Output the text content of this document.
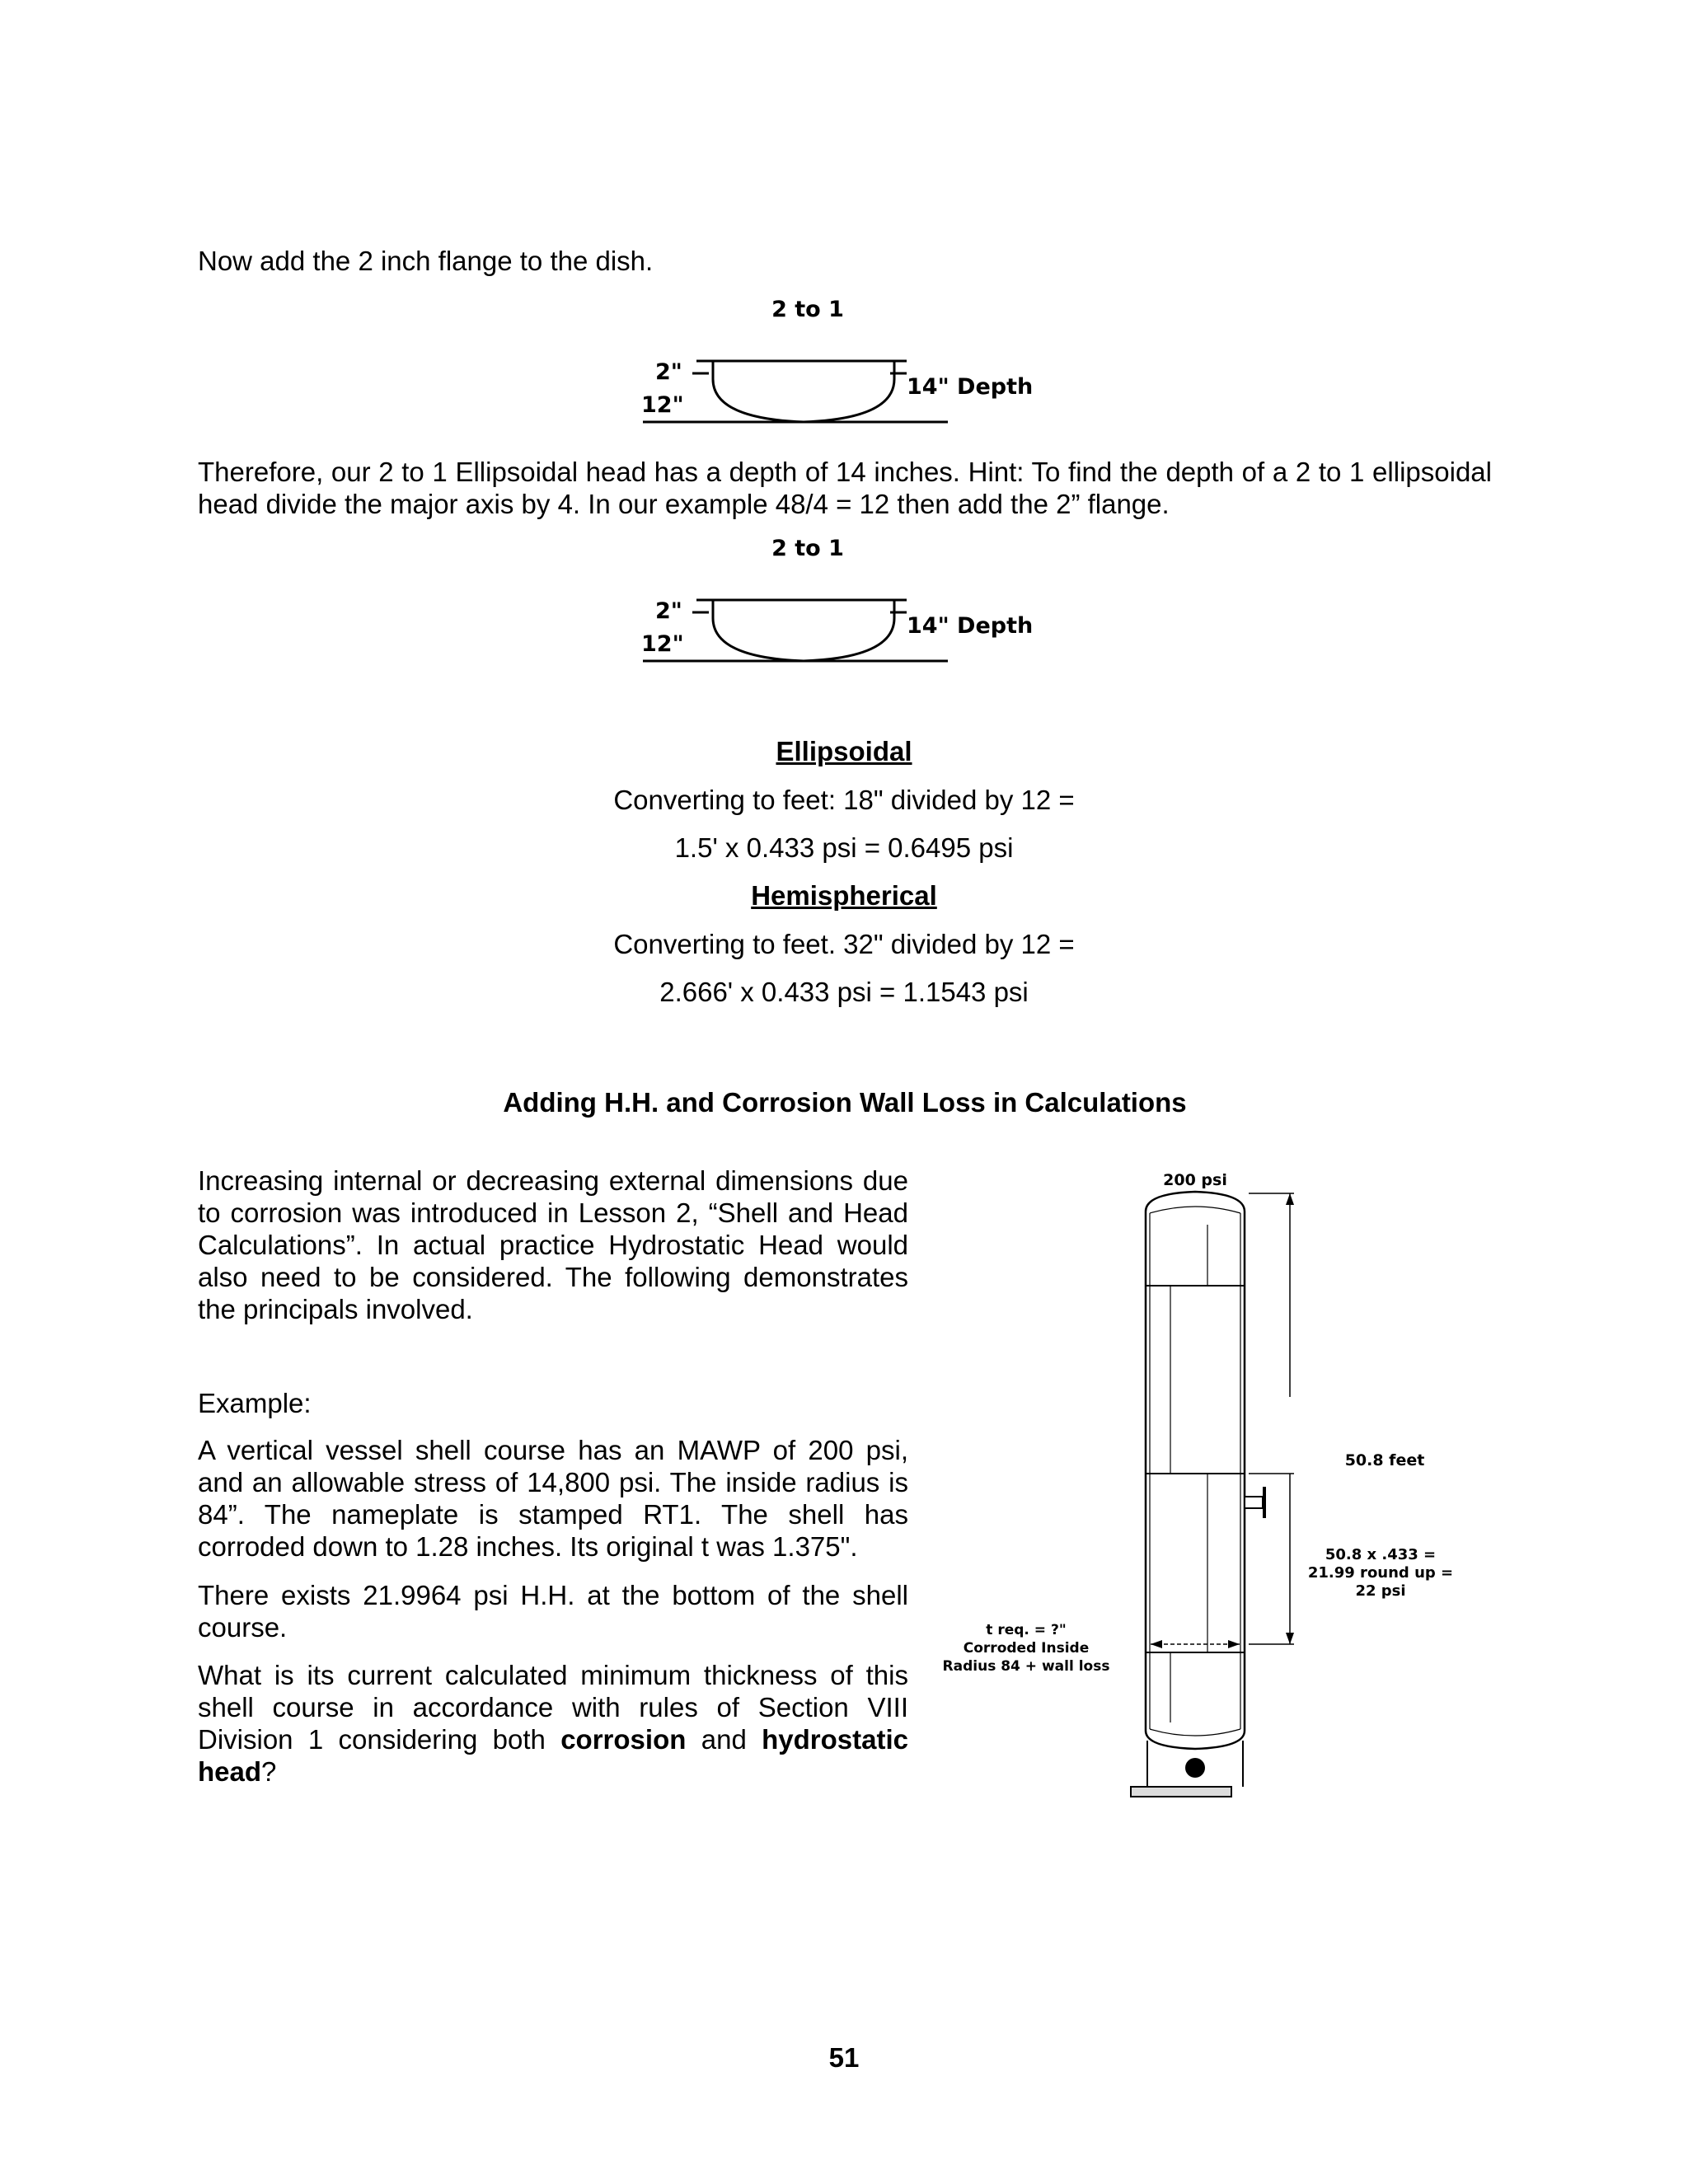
Now add the 2 inch flange to the dish.

2 to 1
2"
12"
14" Depth

Therefore, our 2 to 1 Ellipsoidal head has a depth of 14 inches. Hint: To find the depth of a 2 to 1 ellipsoidal head divide the major axis by 4. In our example 48/4 = 12 then add the 2” flange.

2 to 1
2"
12"
14" Depth
Ellipsoidal
Converting to feet: 18" divided by 12 =
1.5' x 0.433 psi = 0.6495 psi
Hemispherical
Converting to feet. 32" divided by 12 =
2.666' x 0.433 psi = 1.1543 psi
Adding H.H. and Corrosion Wall Loss in Calculations

Increasing internal or decreasing external dimensions due to corrosion was introduced in Lesson 2, “Shell and Head Calculations”. In actual practice Hydrostatic Head would also need to be considered. The following demonstrates the principals involved.

Example:

A vertical vessel shell course has an MAWP of 200 psi, and an allowable stress of 14,800 psi. The inside radius is 84”. The nameplate is stamped RT1. The shell has corroded down to 1.28 inches. Its original t was 1.375".

There exists 21.9964 psi H.H. at the bottom of the shell course.

What is its current calculated minimum thickness of this shell course in accordance with rules of Section VIII Division 1 considering both corrosion and hydrostatic head?

200 psi
50.8 feet
50.8 x .433 =
21.99 round up =
22 psi
t req. = ?"
Corroded Inside
Radius 84 + wall loss
51
